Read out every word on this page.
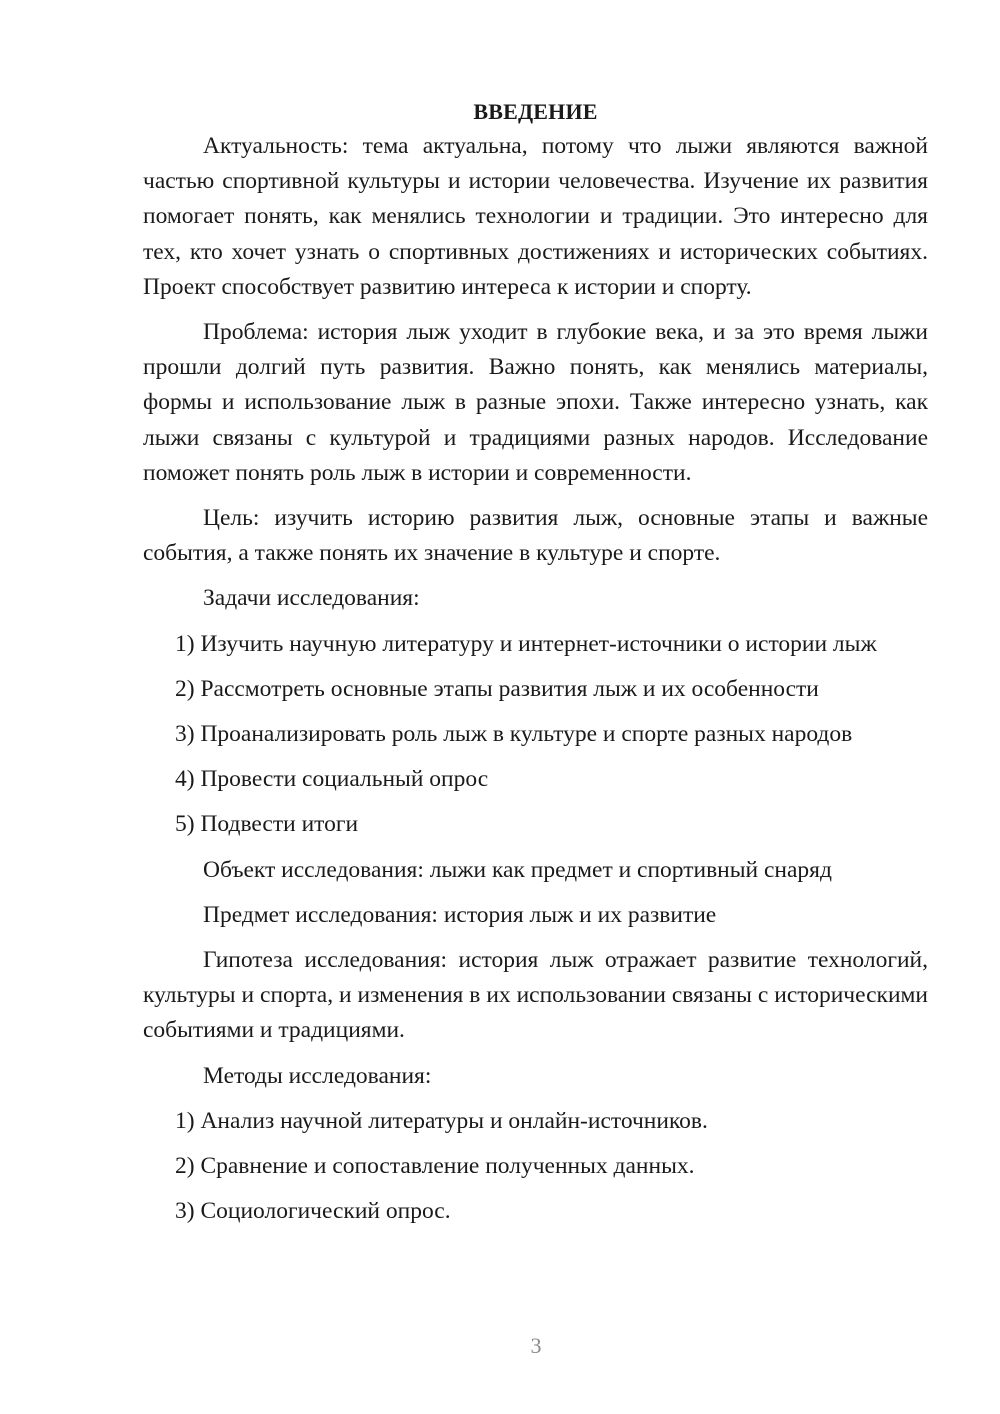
ВВЕДЕНИЕ

Актуальность: тема актуальна, потому что лыжи являются важной частью спортивной культуры и истории человечества. Изучение их развития помогает понять, как менялись технологии и традиции. Это интересно для тех, кто хочет узнать о спортивных достижениях и исторических событиях. Проект способствует развитию интереса к истории и спорту.

Проблема: история лыж уходит в глубокие века, и за это время лыжи прошли долгий путь развития. Важно понять, как менялись материалы, формы и использование лыж в разные эпохи. Также интересно узнать, как лыжи связаны с культурой и традициями разных народов. Исследование поможет понять роль лыж в истории и современности.

Цель: изучить историю развития лыж, основные этапы и важные события, а также понять их значение в культуре и спорте.

Задачи исследования:

1) Изучить научную литературу и интернет-источники о истории лыж

2) Рассмотреть основные этапы развития лыж и их особенности

3) Проанализировать роль лыж в культуре и спорте разных народов

4) Провести социальный опрос

5) Подвести итоги

Объект исследования: лыжи как предмет и спортивный снаряд

Предмет исследования: история лыж и их развитие

Гипотеза исследования: история лыж отражает развитие технологий, культуры и спорта, и изменения в их использовании связаны с историческими событиями и традициями.

Методы исследования:

1) Анализ научной литературы и онлайн-источников.

2) Сравнение и сопоставление полученных данных.

3) Социологический опрос.

3
